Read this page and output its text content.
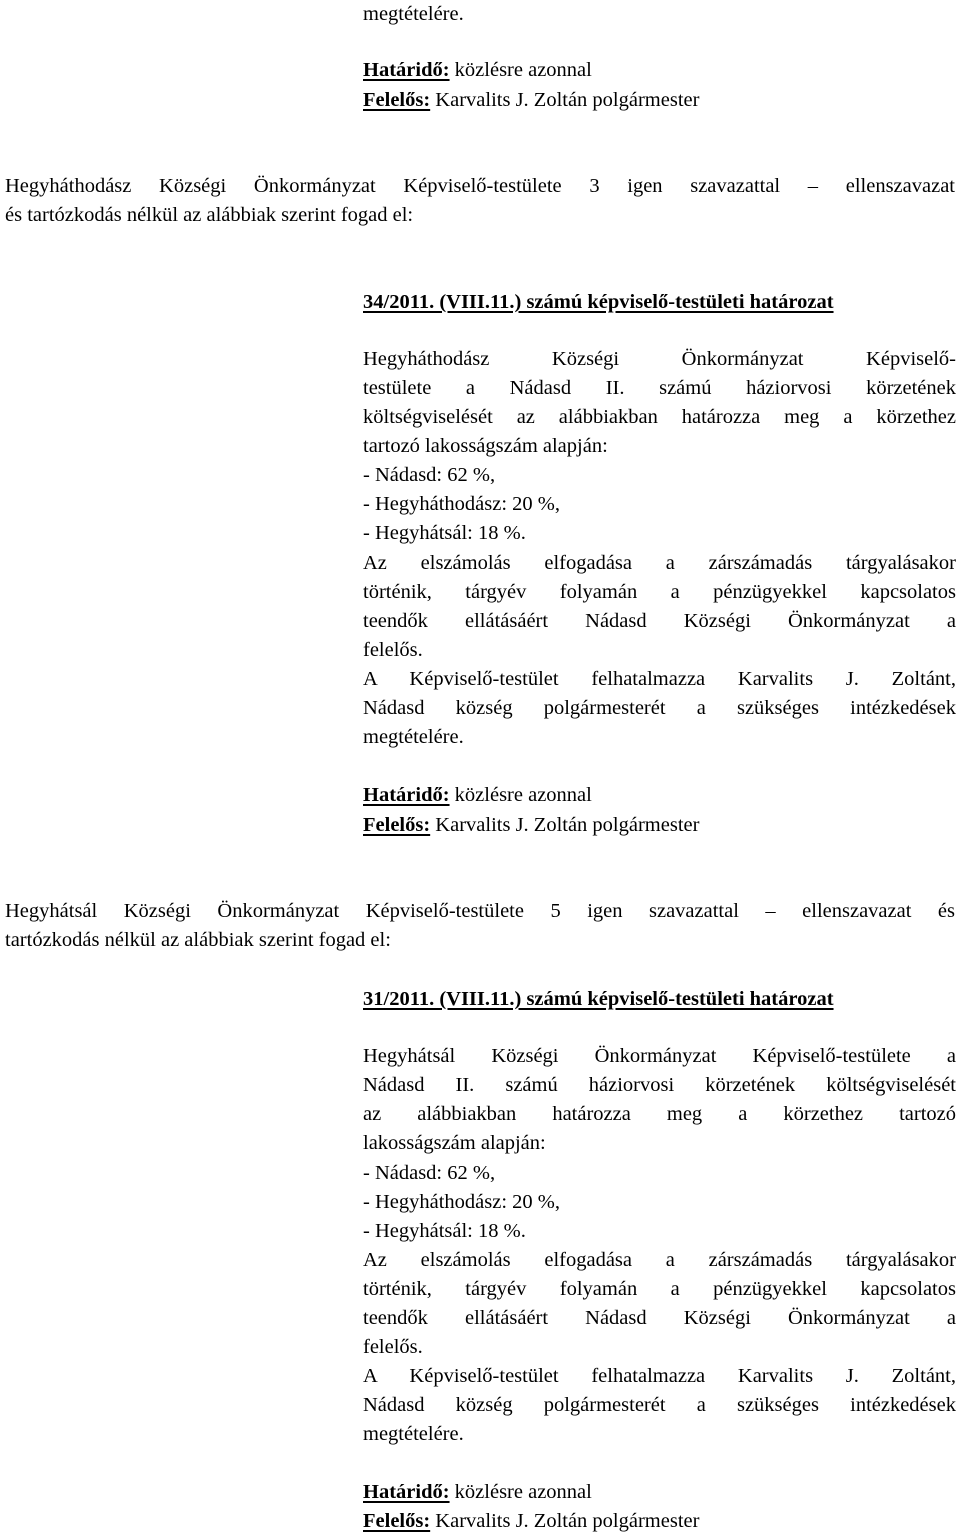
megtételére.
Határidő: közlésre azonnal
Felelős: Karvalits J. Zoltán polgármester
Hegyháthodász Községi Önkormányzat Képviselő-testülete 3 igen szavazattal – ellenszavazat
és tartózkodás nélkül az alábbiak szerint fogad el:
34/2011. (VIII.11.) számú képviselő-testületi határozat
Hegyháthodász Községi Önkormányzat Képviselő-
testülete a Nádasd II. számú háziorvosi körzetének
költségviselését az alábbiakban határozza meg a körzethez
tartozó lakosságszám alapján:
- Nádasd: 62 %,
- Hegyháthodász: 20 %,
- Hegyhátsál: 18 %.
Az elszámolás elfogadása a zárszámadás tárgyalásakor
történik, tárgyév folyamán a pénzügyekkel kapcsolatos
teendők ellátásáért Nádasd Községi Önkormányzat a
felelős.
A Képviselő-testület felhatalmazza Karvalits J. Zoltánt,
Nádasd község polgármesterét a szükséges intézkedések
megtételére.
Határidő: közlésre azonnal
Felelős: Karvalits J. Zoltán polgármester
Hegyhátsál Községi Önkormányzat Képviselő-testülete 5 igen szavazattal – ellenszavazat és
tartózkodás nélkül az alábbiak szerint fogad el:
31/2011. (VIII.11.) számú képviselő-testületi határozat
Hegyhátsál Községi Önkormányzat Képviselő-testülete a
Nádasd II. számú háziorvosi körzetének költségviselését
az alábbiakban határozza meg a körzethez tartozó
lakosságszám alapján:
- Nádasd: 62 %,
- Hegyháthodász: 20 %,
- Hegyhátsál: 18 %.
Az elszámolás elfogadása a zárszámadás tárgyalásakor
történik, tárgyév folyamán a pénzügyekkel kapcsolatos
teendők ellátásáért Nádasd Községi Önkormányzat a
felelős.
A Képviselő-testület felhatalmazza Karvalits J. Zoltánt,
Nádasd község polgármesterét a szükséges intézkedések
megtételére.
Határidő: közlésre azonnal
Felelős: Karvalits J. Zoltán polgármester
